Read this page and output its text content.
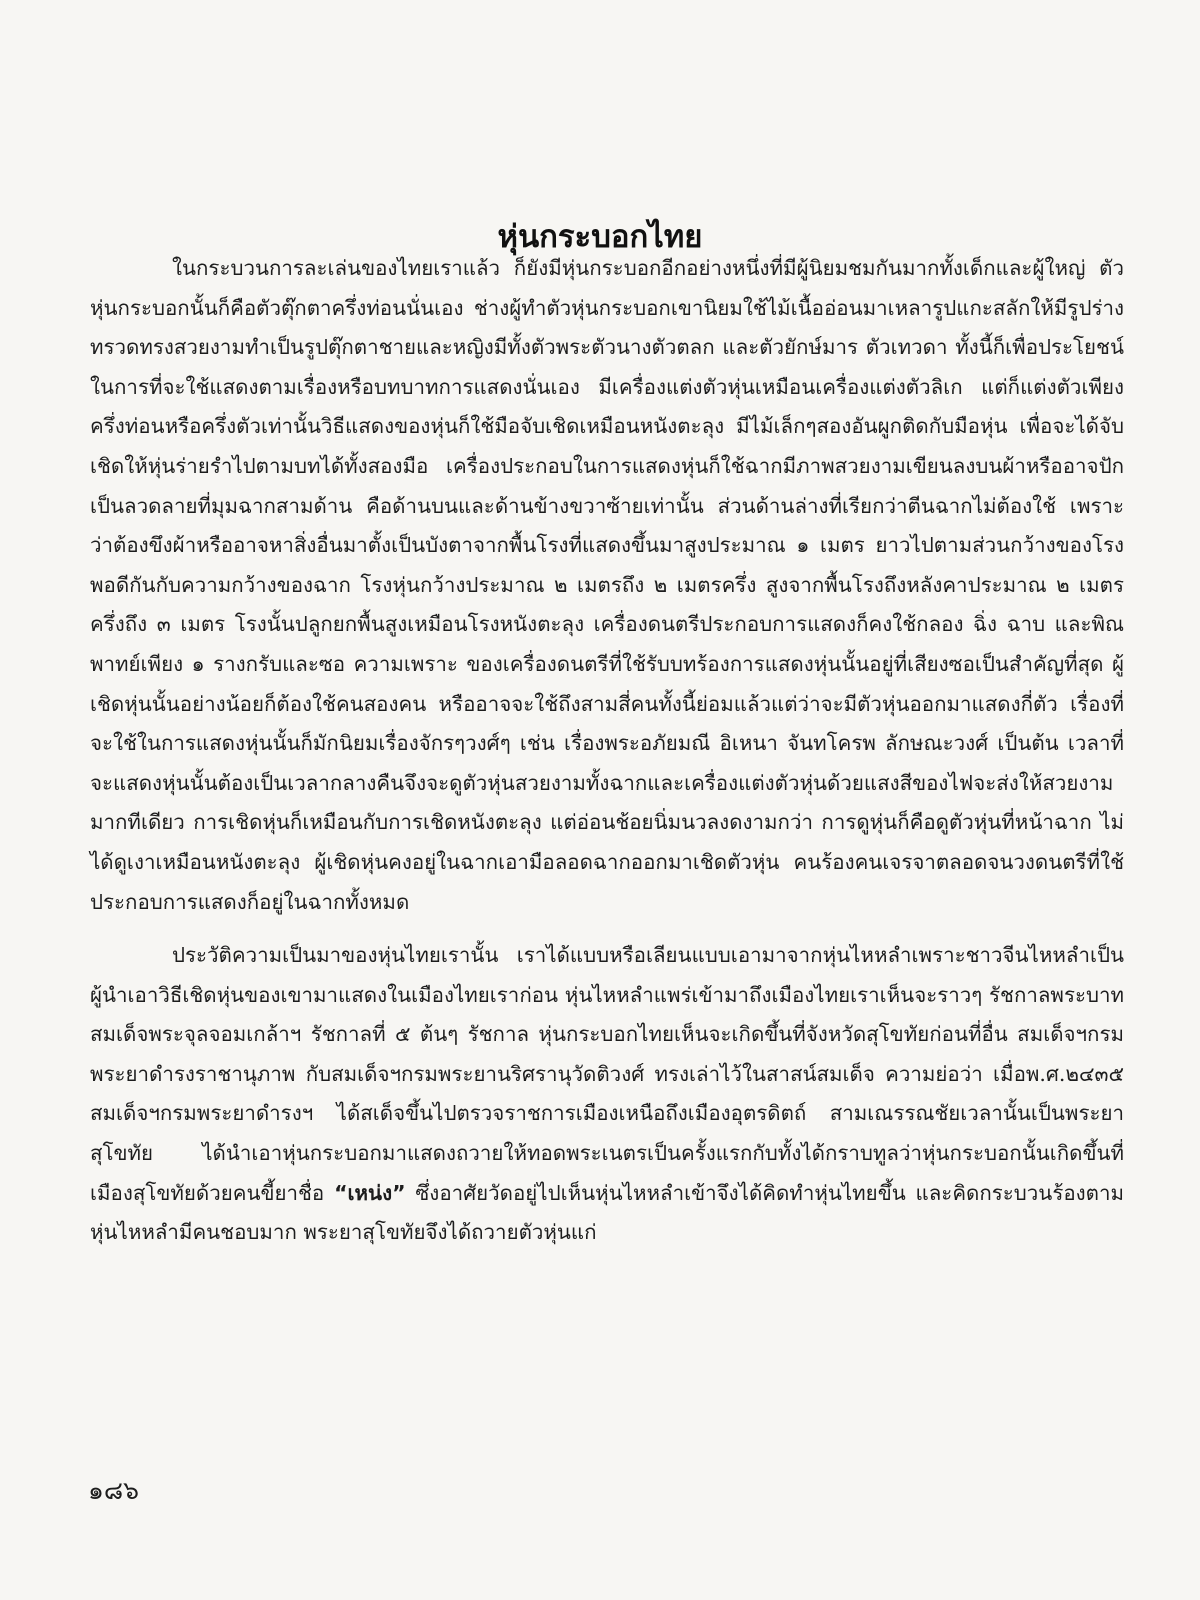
หุ่นกระบอกไทย

ในกระบวนการละเล่นของไทยเราแล้ว ก็ยังมีหุ่นกระบอกอีกอย่างหนึ่งที่มีผู้นิยมชมกันมากทั้งเด็กและผู้ใหญ่ ตัวหุ่นกระบอกนั้นก็คือตัวตุ๊กตาครึ่งท่อนนั่นเอง ช่างผู้ทำตัวหุ่นกระบอกเขานิยมใช้ไม้เนื้ออ่อนมาเหลารูปแกะสลักให้มีรูปร่างทรวดทรงสวยงามทำเป็นรูปตุ๊กตาชายและหญิงมีทั้งตัวพระตัวนางตัวตลก และตัวยักษ์มาร ตัวเทวดา ทั้งนี้ก็เพื่อประโยชน์ในการที่จะใช้แสดงตามเรื่องหรือบทบาทการแสดงนั่นเอง มีเครื่องแต่งตัวหุ่นเหมือนเครื่องแต่งตัวลิเก แต่ก็แต่งตัวเพียงครึ่งท่อนหรือครึ่งตัวเท่านั้นวิธีแสดงของหุ่นก็ใช้มือจับเชิดเหมือนหนังตะลุง มีไม้เล็กๆสองอันผูกติดกับมือหุ่น เพื่อจะได้จับเชิดให้หุ่นร่ายรำไปตามบทได้ทั้งสองมือ เครื่องประกอบในการแสดงหุ่นก็ใช้ฉากมีภาพสวยงามเขียนลงบนผ้าหรืออาจปักเป็นลวดลายที่มุมฉากสามด้าน คือด้านบนและด้านข้างขวาซ้ายเท่านั้น ส่วนด้านล่างที่เรียกว่าตีนฉากไม่ต้องใช้ เพราะว่าต้องขึงผ้าหรืออาจหาสิ่งอื่นมาตั้งเป็นบังตาจากพื้นโรงที่แสดงขึ้นมาสูงประมาณ ๑ เมตร ยาวไปตามส่วนกว้างของโรงพอดีกันกับความกว้างของฉาก โรงหุ่นกว้างประมาณ ๒ เมตรถึง ๒ เมตรครึ่ง สูงจากพื้นโรงถึงหลังคาประมาณ ๒ เมตรครึ่งถึง ๓ เมตร โรงนั้นปลูกยกพื้นสูงเหมือนโรงหนังตะลุง เครื่องดนตรีประกอบการแสดงก็คงใช้กลอง ฉิ่ง ฉาบ และพิณพาทย์เพียง ๑ รางกรับและซอ ความเพราะ ของเครื่องดนตรีที่ใช้รับบทร้องการแสดงหุ่นนั้นอยู่ที่เสียงซอเป็นสำคัญที่สุด ผู้เชิดหุ่นนั้นอย่างน้อยก็ต้องใช้คนสองคน หรืออาจจะใช้ถึงสามสี่คนทั้งนี้ย่อมแล้วแต่ว่าจะมีตัวหุ่นออกมาแสดงกี่ตัว เรื่องที่จะใช้ในการแสดงหุ่นนั้นก็มักนิยมเรื่องจักรๆวงศ์ๆ เช่น เรื่องพระอภัยมณี อิเหนา จันทโครพ ลักษณะวงศ์ เป็นต้น เวลาที่จะแสดงหุ่นนั้นต้องเป็นเวลากลางคืนจึงจะดูตัวหุ่นสวยงามทั้งฉากและเครื่องแต่งตัวหุ่นด้วยแสงสีของไฟจะส่งให้สวยงามมากทีเดียว การเชิดหุ่นก็เหมือนกับการเชิดหนังตะลุง แต่อ่อนช้อยนิ่มนวลงดงามกว่า การดูหุ่นก็คือดูตัวหุ่นที่หน้าฉาก ไม่ได้ดูเงาเหมือนหนังตะลุง ผู้เชิดหุ่นคงอยู่ในฉากเอามือลอดฉากออกมาเชิดตัวหุ่น คนร้องคนเจรจาตลอดจนวงดนตรีที่ใช้ประกอบการแสดงก็อยู่ในฉากทั้งหมด

ประวัติความเป็นมาของหุ่นไทยเรานั้น เราได้แบบหรือเลียนแบบเอามาจากหุ่นไหหลำเพราะชาวจีนไหหลำเป็นผู้นำเอาวิธีเชิดหุ่นของเขามาแสดงในเมืองไทยเราก่อน หุ่นไหหลำแพร่เข้ามาถึงเมืองไทยเราเห็นจะราวๆ รัชกาลพระบาทสมเด็จพระจุลจอมเกล้าฯ รัชกาลที่ ๕ ต้นๆ รัชกาล หุ่นกระบอกไทยเห็นจะเกิดขึ้นที่จังหวัดสุโขทัยก่อนที่อื่น สมเด็จฯกรมพระยาดำรงราชานุภาพ กับสมเด็จฯกรมพระยานริศรานุวัดติวงศ์ ทรงเล่าไว้ในสาสน์สมเด็จ ความย่อว่า เมื่อพ.ศ.๒๔๓๕ สมเด็จฯกรมพระยาดำรงฯ ได้สเด็จขึ้นไปตรวจราชการเมืองเหนือถึงเมืองอุตรดิตถ์ สามเณรรณชัยเวลานั้นเป็นพระยาสุโขทัย ได้นำเอาหุ่นกระบอกมาแสดงถวายให้ทอดพระเนตรเป็นครั้งแรกกับทั้งได้กราบทูลว่าหุ่นกระบอกนั้นเกิดขึ้นที่เมืองสุโขทัยด้วยคนขี้ยาชื่อ “เหน่ง” ซึ่งอาศัยวัดอยู่ไปเห็นหุ่นไหหลำเข้าจึงได้คิดทำหุ่นไทยขึ้น และคิดกระบวนร้องตามหุ่นไหหลำมีคนชอบมาก พระยาสุโขทัยจึงได้ถวายตัวหุ่นแก่

๑๘๖
